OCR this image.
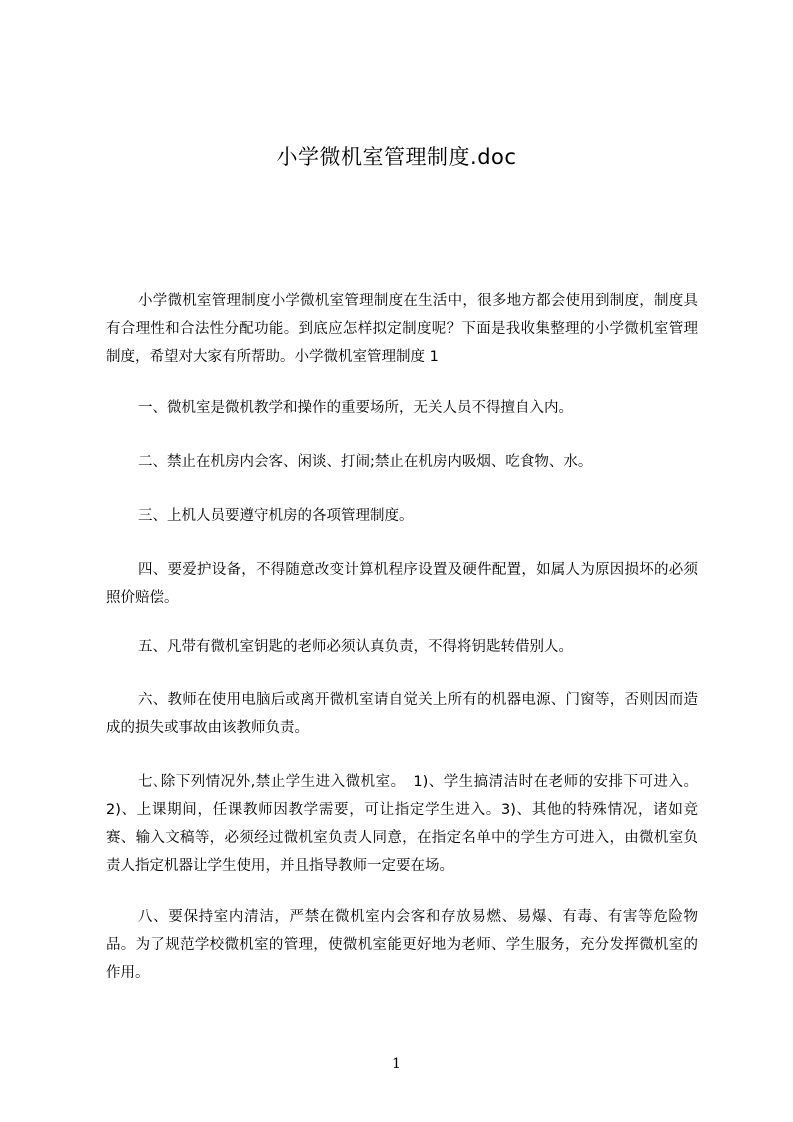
小学微机室管理制度.doc

小学微机室管理制度小学微机室管理制度在生活中，很多地方都会使用到制度，制度具有合理性和合法性分配功能。到底应怎样拟定制度呢？下面是我收集整理的小学微机室管理制度，希望对大家有所帮助。小学微机室管理制度 1

一、微机室是微机教学和操作的重要场所，无关人员不得擅自入内。

二、禁止在机房内会客、闲谈、打闹;禁止在机房内吸烟、吃食物、水。

三、上机人员要遵守机房的各项管理制度。

四、要爱护设备，不得随意改变计算机程序设置及硬件配置，如属人为原因损坏的必须照价赔偿。

五、凡带有微机室钥匙的老师必须认真负责，不得将钥匙转借别人。

六、教师在使用电脑后或离开微机室请自觉关上所有的机器电源、门窗等，否则因而造成的损失或事故由该教师负责。

七､除下列情况外,禁止学生进入微机室。　1)、学生搞清洁时在老师的安排下可进入。2)、上课期间，任课教师因教学需要，可让指定学生进入。3)、其他的特殊情况，诸如竞赛、输入文稿等，必须经过微机室负责人同意，在指定名单中的学生方可进入，由微机室负责人指定机器让学生使用，并且指导教师一定要在场。

八、要保持室内清洁，严禁在微机室内会客和存放易燃、易爆、有毒、有害等危险物品。为了规范学校微机室的管理，使微机室能更好地为老师、学生服务，充分发挥微机室的作用。

1
